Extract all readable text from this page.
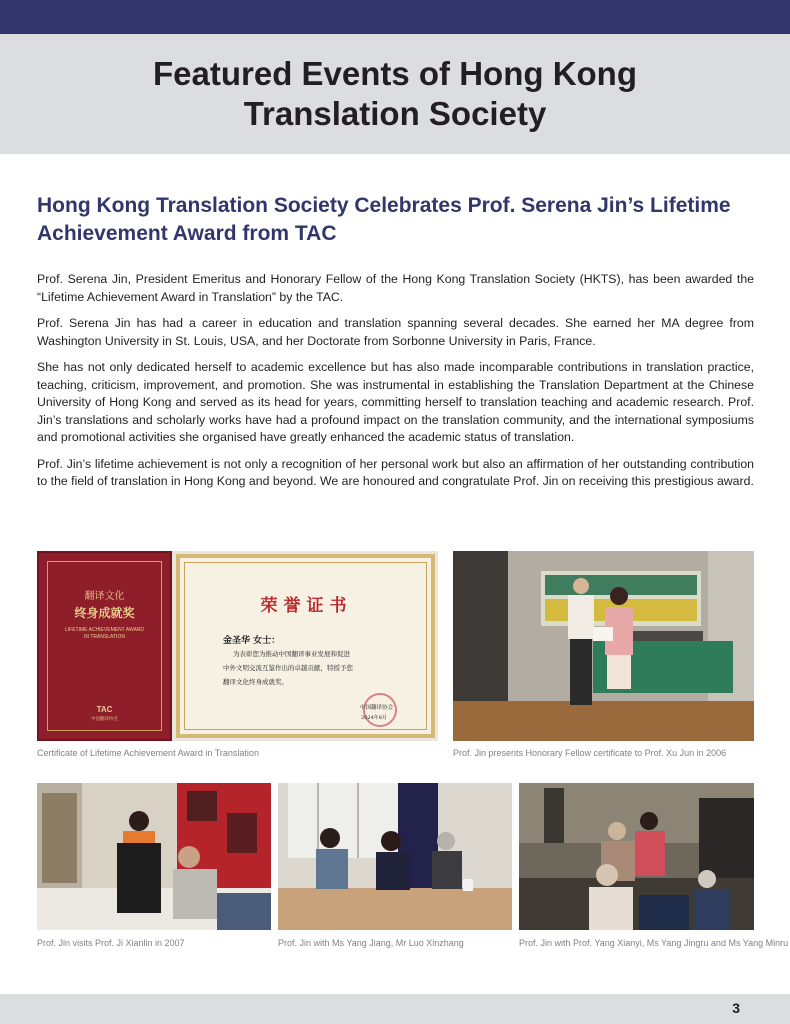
Featured Events of Hong Kong
Translation Society
Hong Kong Translation Society Celebrates Prof. Serena Jin’s Lifetime Achievement Award from TAC

Prof. Serena Jin, President Emeritus and Honorary Fellow of the Hong Kong Translation Society (HKTS), has been awarded the “Lifetime Achievement Award in Translation” by the TAC.

Prof. Serena Jin has had a career in education and translation spanning several decades. She earned her MA degree from Washington University in St. Louis, USA, and her Doctorate from Sorbonne University in Paris, France.

She has not only dedicated herself to academic excellence but has also made incomparable contributions in translation practice, teaching, criticism, improvement, and promotion. She was instrumental in establishing the Translation Department at the Chinese University of Hong Kong and served as its head for years, committing herself to translation teaching and academic research. Prof. Jin’s translations and scholarly works have had a profound impact on the translation community, and the international symposiums and promotional activities she organised have greatly enhanced the academic status of translation.

Prof. Jin’s lifetime achievement is not only a recognition of her personal work but also an affirmation of her outstanding contribution to the field of translation in Hong Kong and beyond. We are honoured and congratulate Prof. Jin on receiving this prestigious award.

翻译文化
终身成就奖
LIFETIME ACHIEVEMENT AWARD
IN TRANSLATION
TAC
中国翻译协会
荣誉证书
金圣华 女士：
为表彰您为推动中国翻译事业发展和促进
中外文明交流互鉴作出的卓越贡献，特授予您
翻译文化终身成就奖。
中国翻译协会
2024年8月
Certificate of Lifetime Achievement Award in Translation	Prof. Jin presents Honorary Fellow certificate to Prof. Xu Jun in 2006
Prof. Jin visits Prof. Ji Xianlin in 2007	Prof. Jin with Ms Yang Jiang, Mr Luo Xinzhang	Prof. Jin with Prof. Yang Xianyi, Ms Yang Jingru and Ms Yang Minru
3
